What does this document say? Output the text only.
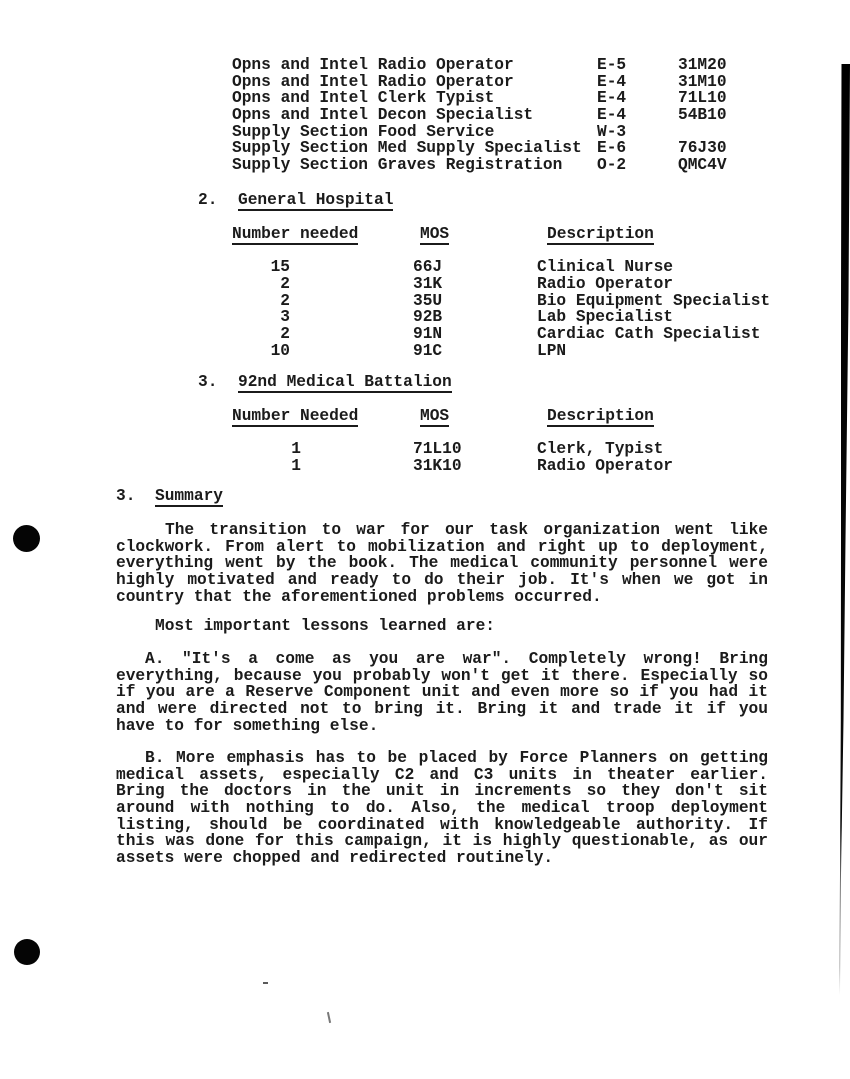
Opns and Intel Radio Operator	E-5	31M20
Opns and Intel Radio Operator	E-4	31M10
Opns and Intel Clerk Typist	E-4	71L10
Opns and Intel Decon Specialist	E-4	54B10
Supply Section Food Service	W-3
Supply Section Med Supply Specialist E-6	76J30
Supply Section Graves Registration O-2	QMC4V
2. General Hospital
Number needed	MOS	Description
15	66J	Clinical Nurse
2	31K	Radio Operator
2	35U	Bio Equipment Specialist
3	92B	Lab Specialist
2	91N	Cardiac Cath Specialist
10	91C	LPN
3. 92nd Medical Battalion
Number Needed	MOS	Description
1	71L10	Clerk, Typist
1	31K10	Radio Operator
3. Summary
The transition to war for our task organization went like
clockwork. From alert to mobilization and right up to deployment,
everything went by the book. The medical community personnel were
highly motivated and ready to do their job. It's when we got in
country that the aforementioned problems occurred.
Most important lessons learned are:
A. "It's a come as you are war". Completely wrong! Bring
everything, because you probably won't get it there. Especially so
if you are a Reserve Component unit and even more so if you had it
and were directed not to bring it. Bring it and trade it if you
have to for something else.
B. More emphasis has to be placed by Force Planners on getting
medical assets, especially C2 and C3 units in theater earlier.
Bring the doctors in the unit in increments so they don't sit
around with nothing to do. Also, the medical troop deployment
listing, should be coordinated with knowledgeable authority. If
this was done for this campaign, it is highly questionable, as our
assets were chopped and redirected routinely.
